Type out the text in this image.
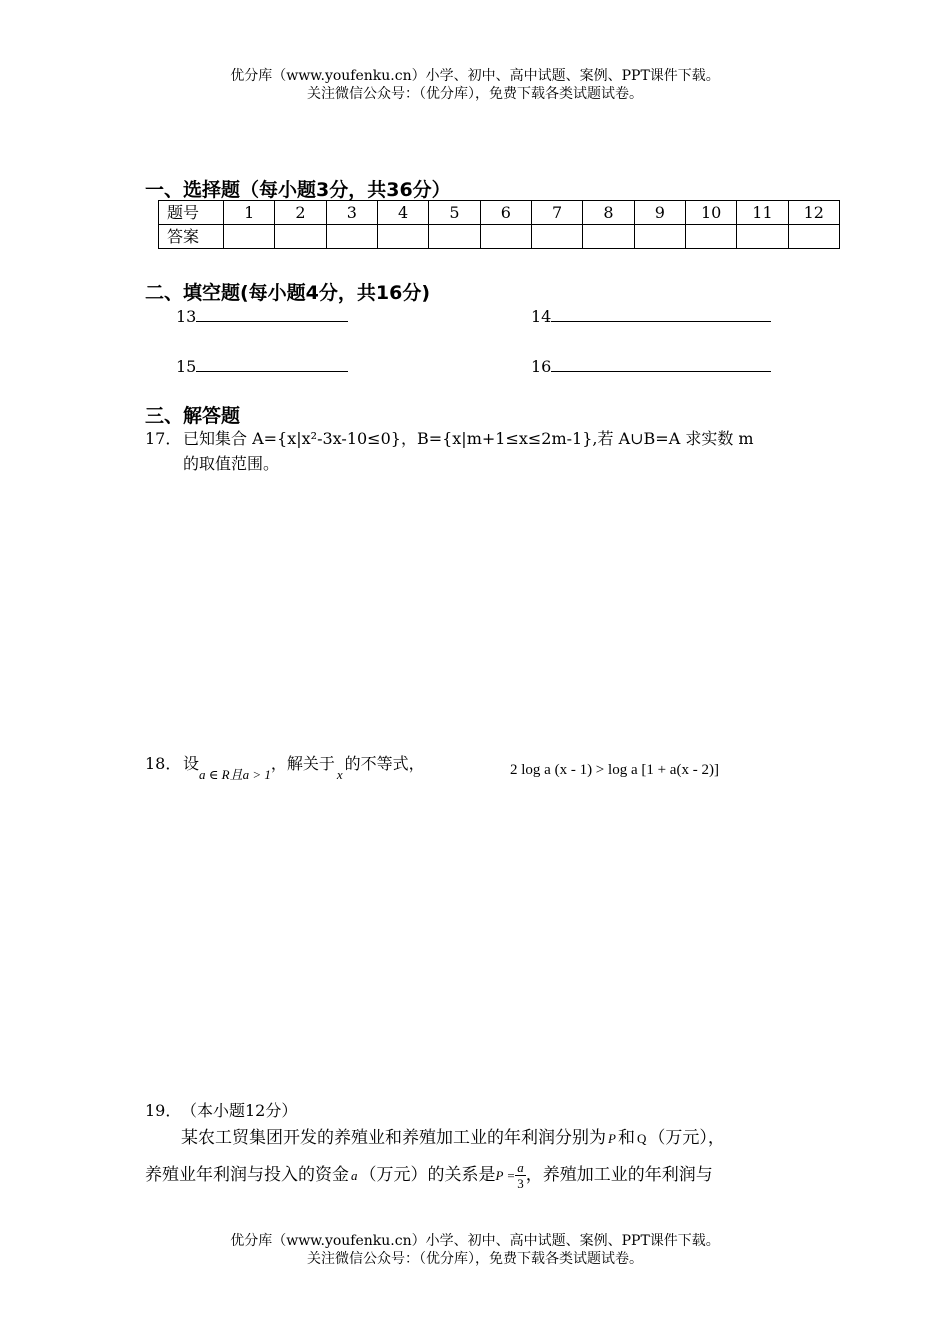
优分库（www.youfenku.cn）小学、初中、高中试题、案例、PPT课件下载。
关注微信公众号：（优分库），免费下载各类试题试卷。
一、选择题（每小题3分，共36分）
题号	1	2	3	4	5	6	7	8	9	10	11	12
答案												
二、填空题(每小题4分，共16分)
13	14
15	16
三、解答题
17． 已知集合 A={x|x²-3x-10≤0}，B={x|m+1≤x≤2m-1},若 A∪B=A 求实数 m
的取值范围。
18． 设$_{a \in R且a > 1}$，解关于$_x$的不等式，	2 log a (x - 1) > log a [1 + a(x - 2)]
19． （本小题12分）
某农工贸集团开发的养殖业和养殖加工业的年利润分别为 P 和 Q （万元），
养殖业年利润与投入的资金 a （万元）的关系是$P = \frac{a}{3}$ ，养殖加工业的年利润与
优分库（www.youfenku.cn）小学、初中、高中试题、案例、PPT课件下载。
关注微信公众号：（优分库），免费下载各类试题试卷。
